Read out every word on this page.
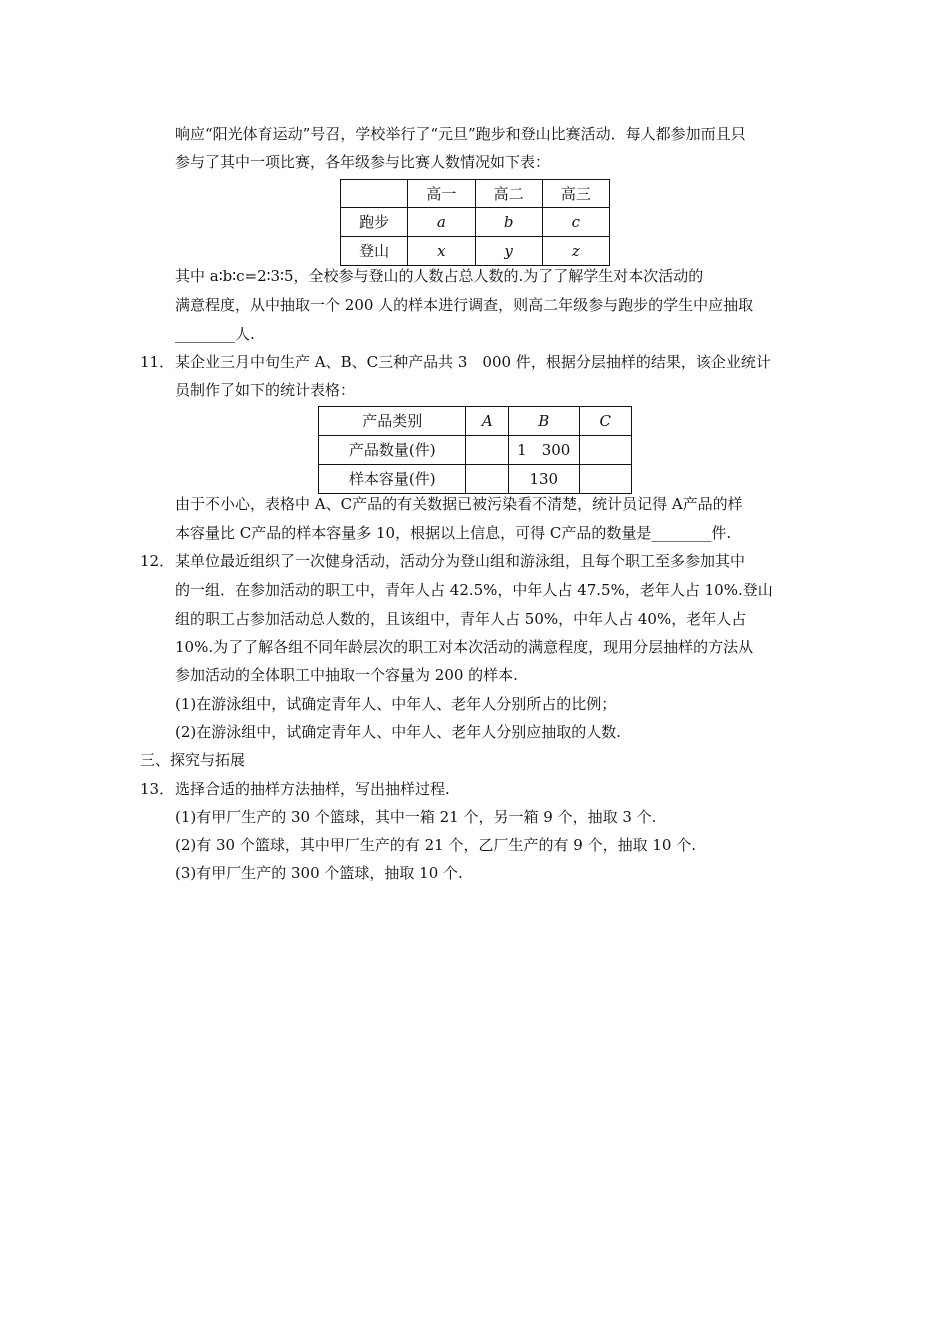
响应“阳光体育运动”号召，学校举行了“元旦”跑步和登山比赛活动．每人都参加而且只
参与了其中一项比赛，各年级参与比赛人数情况如下表：
	高一	高二	高三
跑步	a	b	c
登山	x	y	z
其中 a∶b∶c=2∶3∶5，全校参与登山的人数占总人数的.为了了解学生对本次活动的
满意程度，从中抽取一个 200 人的样本进行调查，则高二年级参与跑步的学生中应抽取
________人.
11． 某企业三月中旬生产 A、B、C三种产品共 3　000 件，根据分层抽样的结果，该企业统计
员制作了如下的统计表格：
产品类别	A	B	C
产品数量(件)		1　300	
样本容量(件)		130	
由于不小心，表格中 A、C产品的有关数据已被污染看不清楚，统计员记得 A产品的样
本容量比 C产品的样本容量多 10，根据以上信息，可得 C产品的数量是________件.
12． 某单位最近组织了一次健身活动，活动分为登山组和游泳组，且每个职工至多参加其中
的一组．在参加活动的职工中，青年人占 42.5%，中年人占 47.5%，老年人占 10%.登山
组的职工占参加活动总人数的，且该组中，青年人占 50%，中年人占 40%，老年人占
10%.为了了解各组不同年龄层次的职工对本次活动的满意程度，现用分层抽样的方法从
参加活动的全体职工中抽取一个容量为 200 的样本.
(1)在游泳组中，试确定青年人、中年人、老年人分别所占的比例；
(2)在游泳组中，试确定青年人、中年人、老年人分别应抽取的人数.
三、探究与拓展
13． 选择合适的抽样方法抽样，写出抽样过程.
(1)有甲厂生产的 30 个篮球，其中一箱 21 个，另一箱 9 个，抽取 3 个.
(2)有 30 个篮球，其中甲厂生产的有 21 个，乙厂生产的有 9 个，抽取 10 个.
(3)有甲厂生产的 300 个篮球，抽取 10 个.
